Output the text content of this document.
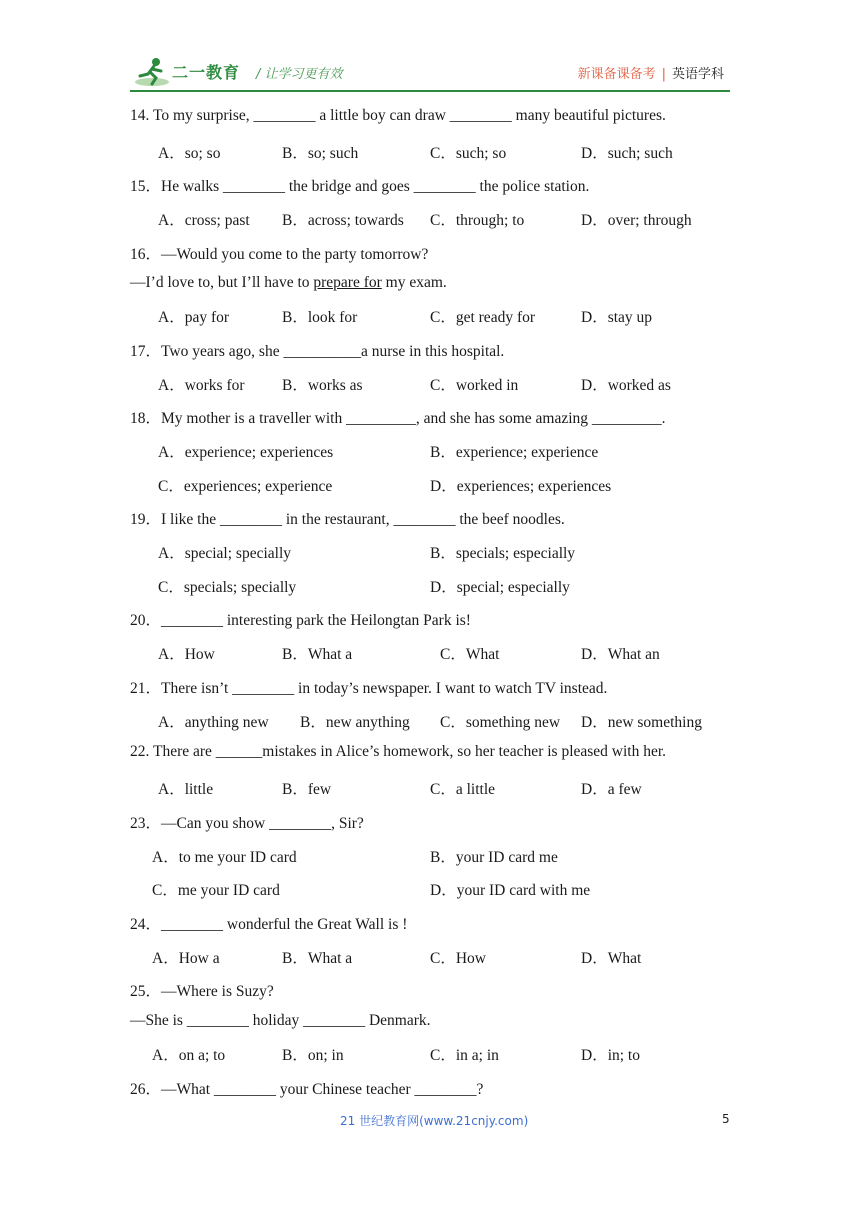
二一教育 / 让学习更有效	新课备课备考 | 英语学科
14. To my surprise, ________ a little boy can draw ________ many beautiful pictures.
A．so; so	B．so; such	C．such; so	D．such; such
15．He walks ________ the bridge and goes ________ the police station.
A．cross; past B．across; towards C．through; to	D．over; through
16．—Would you come to the party tomorrow?
—I’d love to, but I’ll have to prepare for my exam.
A．pay for	B．look for	C．get ready for	D．stay up
17．Two years ago, she __________a nurse in this hospital.
A．works for B．works as	C．worked in	D．worked as
18．My mother is a traveller with _________, and she has some amazing _________.
A．experience; experiences	B．experience; experience
C．experiences; experience	D．experiences; experiences
19．I like the ________ in the restaurant, ________ the beef noodles.
A．special; specially	B．specials; especially
C．specials; specially	D．special; especially
20．________ interesting park the Heilongtan Park is!
A．How	B．What a	C．What	D．What an
21．There isn’t ________ in today’s newspaper. I want to watch TV instead.
A．anything new B．new anything C．something new D．new something
22. There are ______mistakes in Alice’s homework, so her teacher is pleased with her.
A．little	B．few	C．a little	D．a few
23．—Can you show ________, Sir?
A．to me your ID card	B．your ID card me
C．me your ID card	D．your ID card with me
24．________ wonderful the Great Wall is !
A．How a	B．What a	C．How	D．What
25．—Where is Suzy?
—She is ________ holiday ________ Denmark.
A．on a; to	B．on; in	C．in a; in	D．in; to
26．—What ________ your Chinese teacher ________?
21 世纪教育网(www.21cnjy.com)	5
